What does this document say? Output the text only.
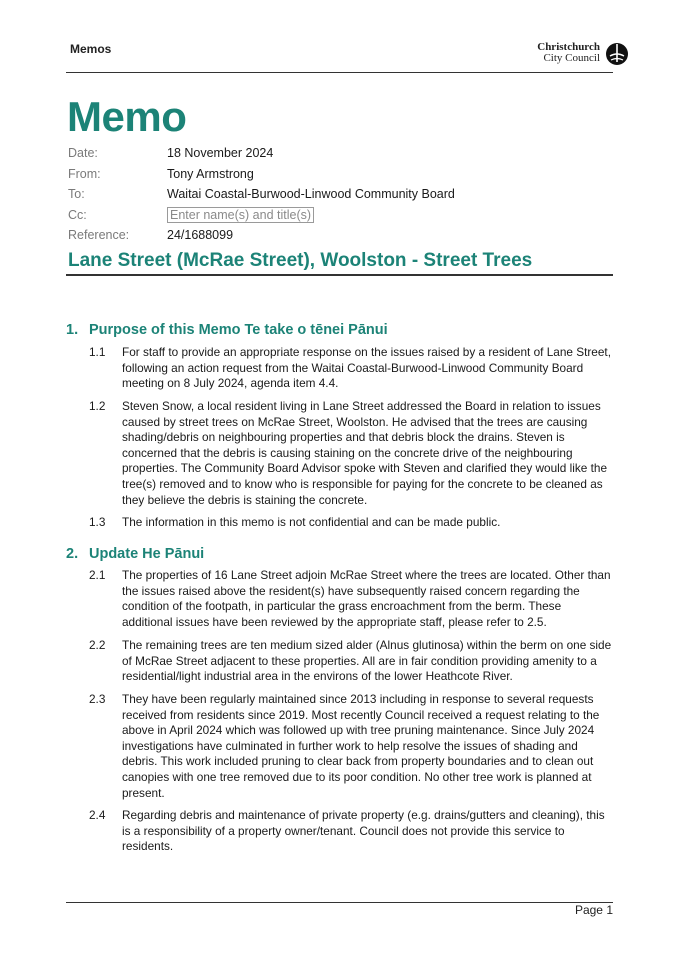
Memos	Christchurch
City Council
Memo
Date:	18 November 2024
From:	Tony Armstrong
To:	Waitai Coastal-Burwood-Linwood Community Board
Cc:	Enter name(s) and title(s)
Reference:	24/1688099
Lane Street (McRae Street), Woolston - Street Trees
1. Purpose of this Memo Te take o tēnei Pānui
1.1	For staff to provide an appropriate response on the issues raised by a resident of Lane Street, following an action request from the Waitai Coastal-Burwood-Linwood Community Board meeting on 8 July 2024, agenda item 4.4.
1.2	Steven Snow, a local resident living in Lane Street addressed the Board in relation to issues caused by street trees on McRae Street, Woolston. He advised that the trees are causing shading/debris on neighbouring properties and that debris block the drains. Steven is concerned that the debris is causing staining on the concrete drive of the neighbouring properties. The Community Board Advisor spoke with Steven and clarified they would like the tree(s) removed and to know who is responsible for paying for the concrete to be cleaned as they believe the debris is staining the concrete.
1.3	The information in this memo is not confidential and can be made public.
2. Update He Pānui
2.1	The properties of 16 Lane Street adjoin McRae Street where the trees are located. Other than the issues raised above the resident(s) have subsequently raised concern regarding the condition of the footpath, in particular the grass encroachment from the berm. These additional issues have been reviewed by the appropriate staff, please refer to 2.5.
2.2	The remaining trees are ten medium sized alder (Alnus glutinosa) within the berm on one side of McRae Street adjacent to these properties. All are in fair condition providing amenity to a residential/light industrial area in the environs of the lower Heathcote River.
2.3	They have been regularly maintained since 2013 including in response to several requests received from residents since 2019. Most recently Council received a request relating to the above in April 2024 which was followed up with tree pruning maintenance. Since July 2024 investigations have culminated in further work to help resolve the issues of shading and debris. This work included pruning to clear back from property boundaries and to clean out canopies with one tree removed due to its poor condition. No other tree work is planned at present.
2.4	Regarding debris and maintenance of private property (e.g. drains/gutters and cleaning), this is a responsibility of a property owner/tenant. Council does not provide this service to residents.
Page 1
